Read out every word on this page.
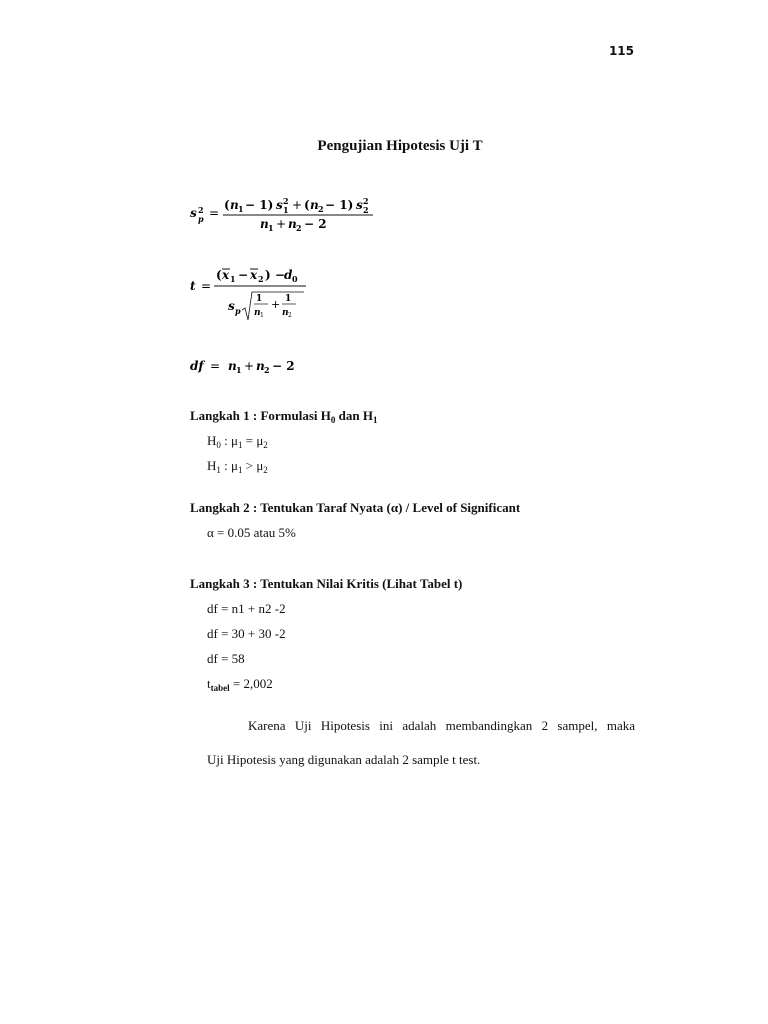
115
Pengujian Hipotesis Uji T
s p
2 =
( n 1 − 1) s 1
2 + ( n 2 − 1) s 2
2
n 1 + n 2 − 2
t =
( x 1 − x 2 ) − d 0
s p
1
n 1
+ 1
n 2
df = n 1 + n 2 − 2
Langkah 1 : Formulasi $H_0$ dan $H_1$
$H_0$ : $\mu_1 = \mu_2$
$H_1$ : $\mu_1 > \mu_2$
Langkah 2 : Tentukan Taraf Nyata (α) / Level of Significant
α = 0.05 atau 5%
Langkah 3 : Tentukan Nilai Kritis (Lihat Tabel t)
df = n1 + n2 -2
df = 30 + 30 -2
df = 58
$t_{tabel} = 2,002$
Karena Uji Hipotesis ini adalah membandingkan 2 sampel, maka
Uji Hipotesis yang digunakan adalah 2 sample t test.
